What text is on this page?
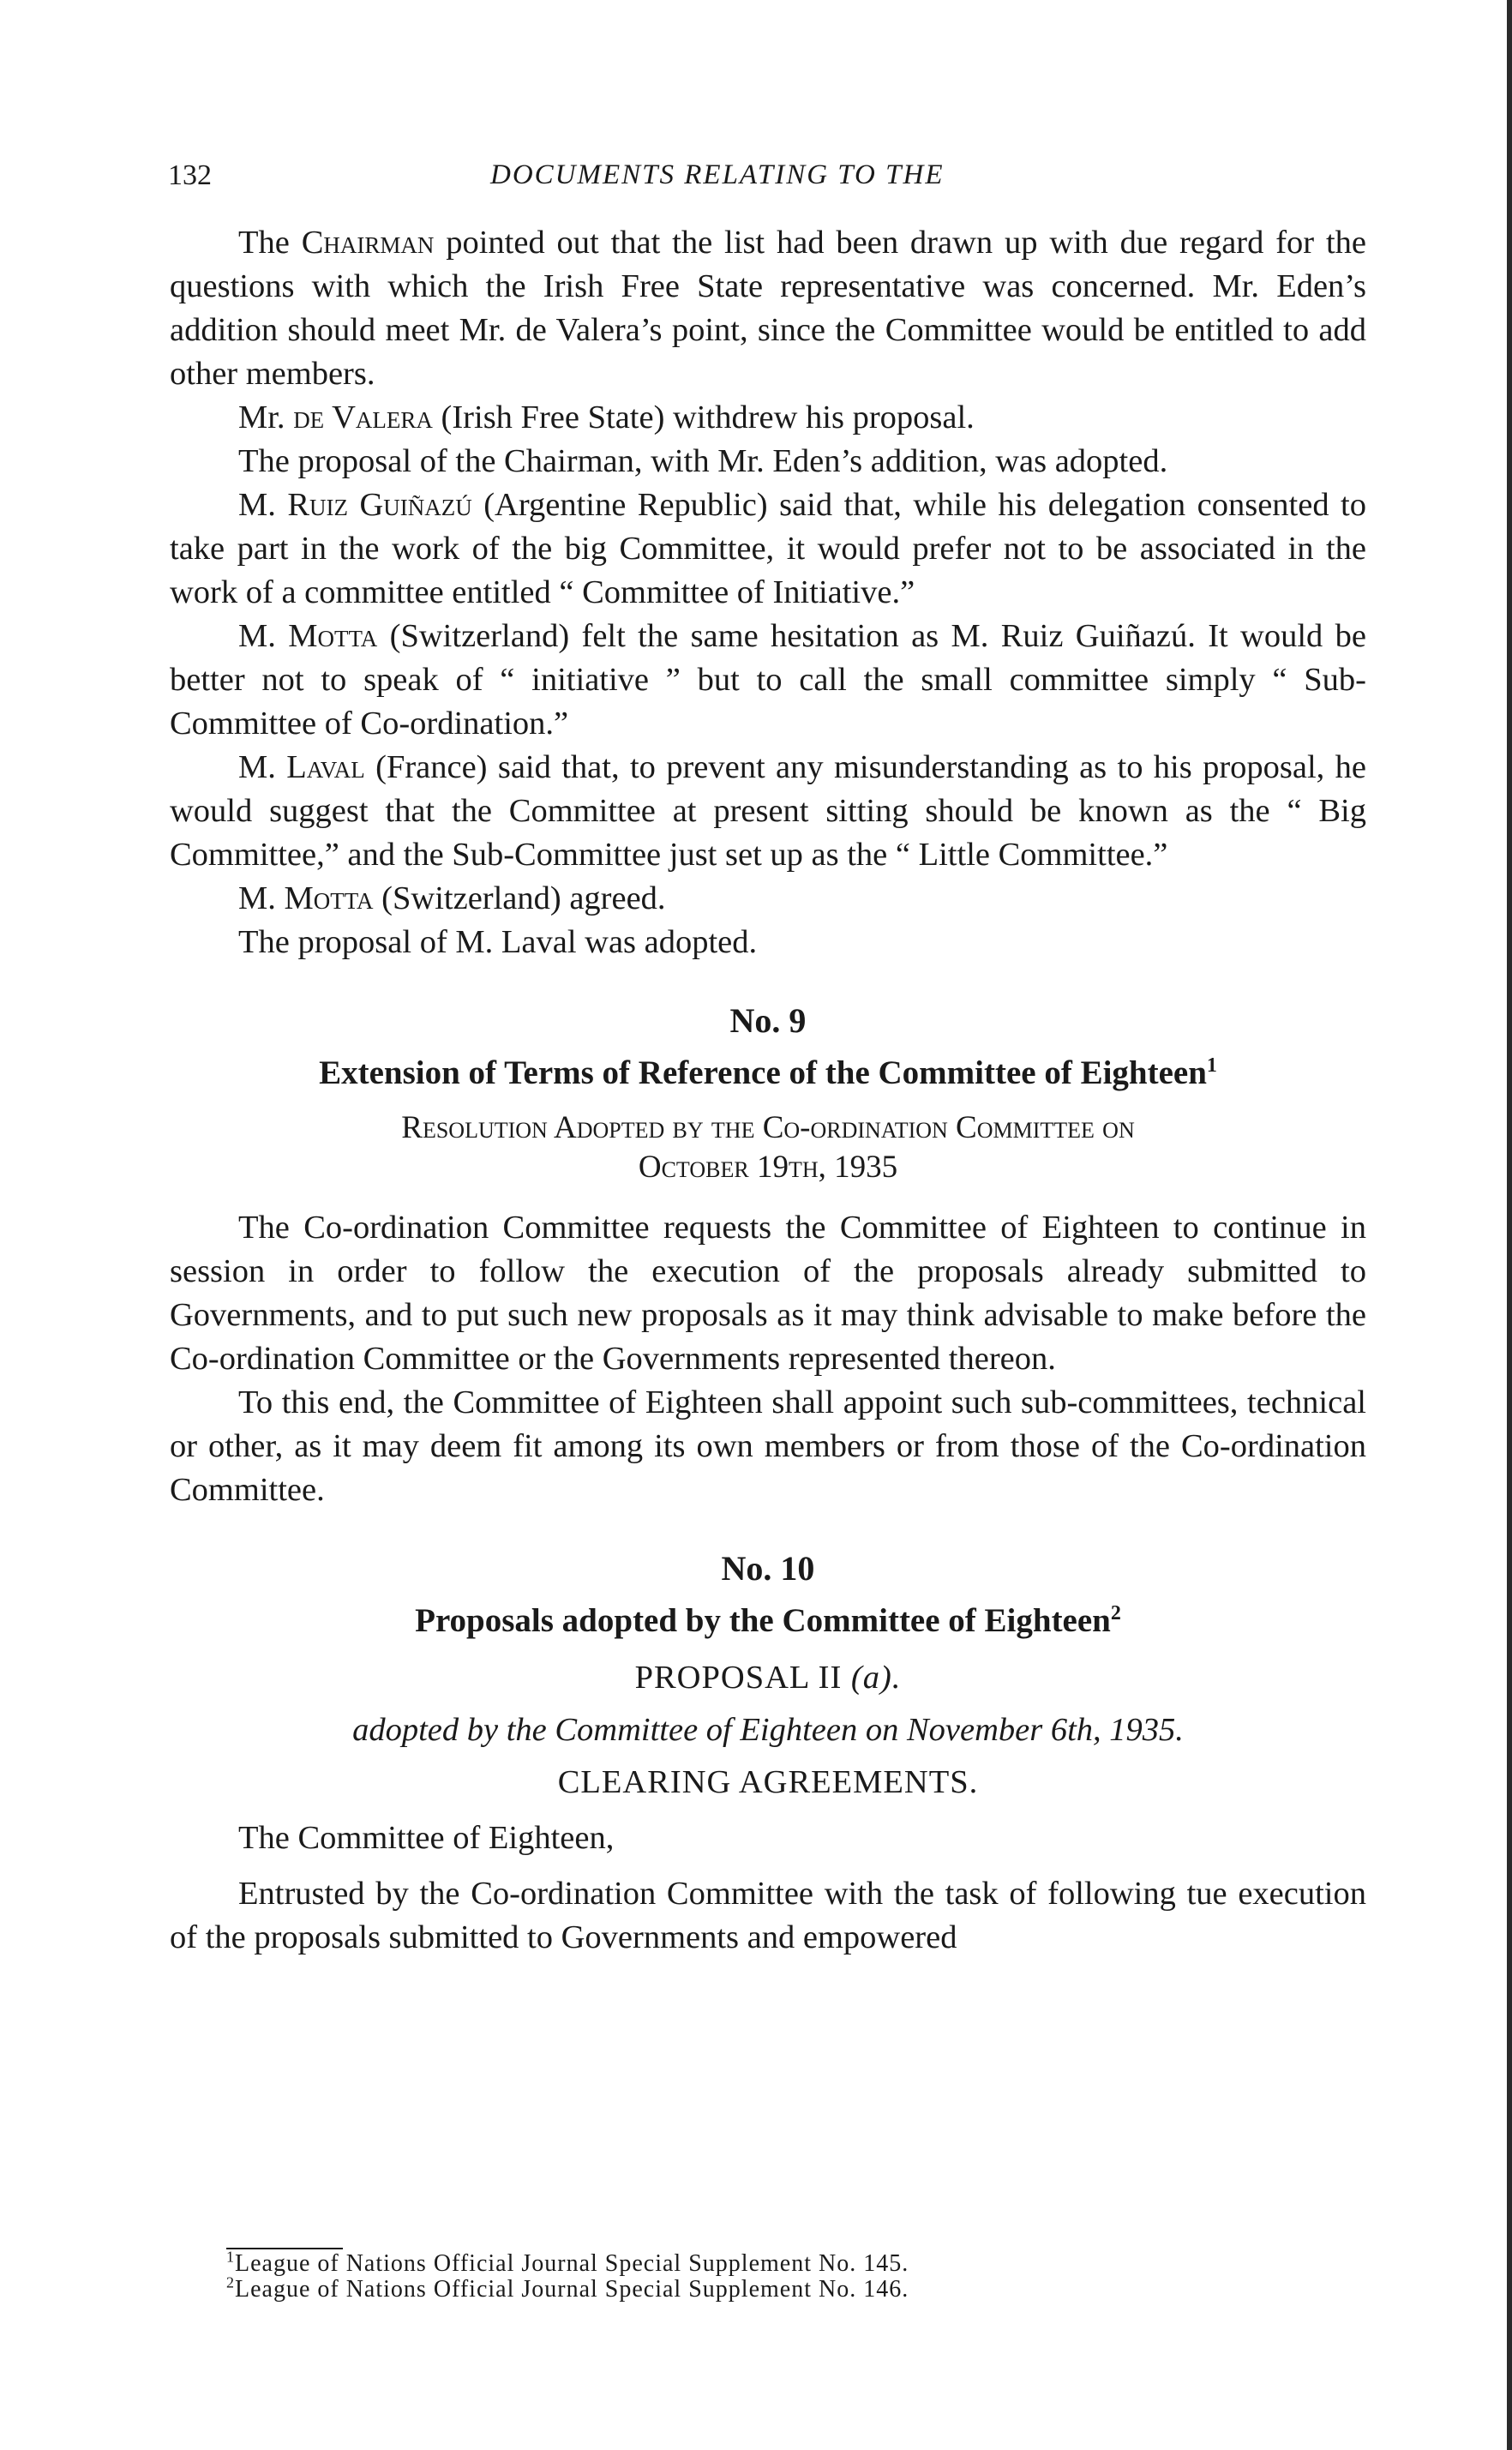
132	DOCUMENTS RELATING TO THE

The Chairman pointed out that the list had been drawn up with due regard for the questions with which the Irish Free State representative was concerned. Mr. Eden’s addition should meet Mr. de Valera’s point, since the Committee would be entitled to add other members.

Mr. de Valera (Irish Free State) withdrew his proposal.

The proposal of the Chairman, with Mr. Eden’s addition, was adopted.

M. Ruiz Guiñazú (Argentine Republic) said that, while his delegation consented to take part in the work of the big Committee, it would prefer not to be associated in the work of a committee entitled “ Committee of Initiative.”

M. Motta (Switzerland) felt the same hesitation as M. Ruiz Guiñazú. It would be better not to speak of “ initiative ” but to call the small committee simply “ Sub-Committee of Co-ordination.”

M. Laval (France) said that, to prevent any misunderstanding as to his proposal, he would suggest that the Committee at present sitting should be known as the “ Big Committee,” and the Sub-Committee just set up as the “ Little Committee.”

M. Motta (Switzerland) agreed.

The proposal of M. Laval was adopted.

No. 9

Extension of Terms of Reference of the Committee of Eighteen$^1$

Resolution Adopted by the Co-ordination Committee on
October 19th, 1935

The Co-ordination Committee requests the Committee of Eighteen to continue in session in order to follow the execution of the proposals already submitted to Governments, and to put such new proposals as it may think advisable to make before the Co-ordination Committee or the Governments represented thereon.

To this end, the Committee of Eighteen shall appoint such sub-committees, technical or other, as it may deem fit among its own members or from those of the Co-ordination Committee.

No. 10

Proposals adopted by the Committee of Eighteen$^2$

PROPOSAL II (a).

adopted by the Committee of Eighteen on November 6th, 1935.

CLEARING AGREEMENTS.

The Committee of Eighteen,

Entrusted by the Co-ordination Committee with the task of following tue execution of the proposals submitted to Governments and empowered

$^1$League of Nations Official Journal Special Supplement No. 145.
$^2$League of Nations Official Journal Special Supplement No. 146.
